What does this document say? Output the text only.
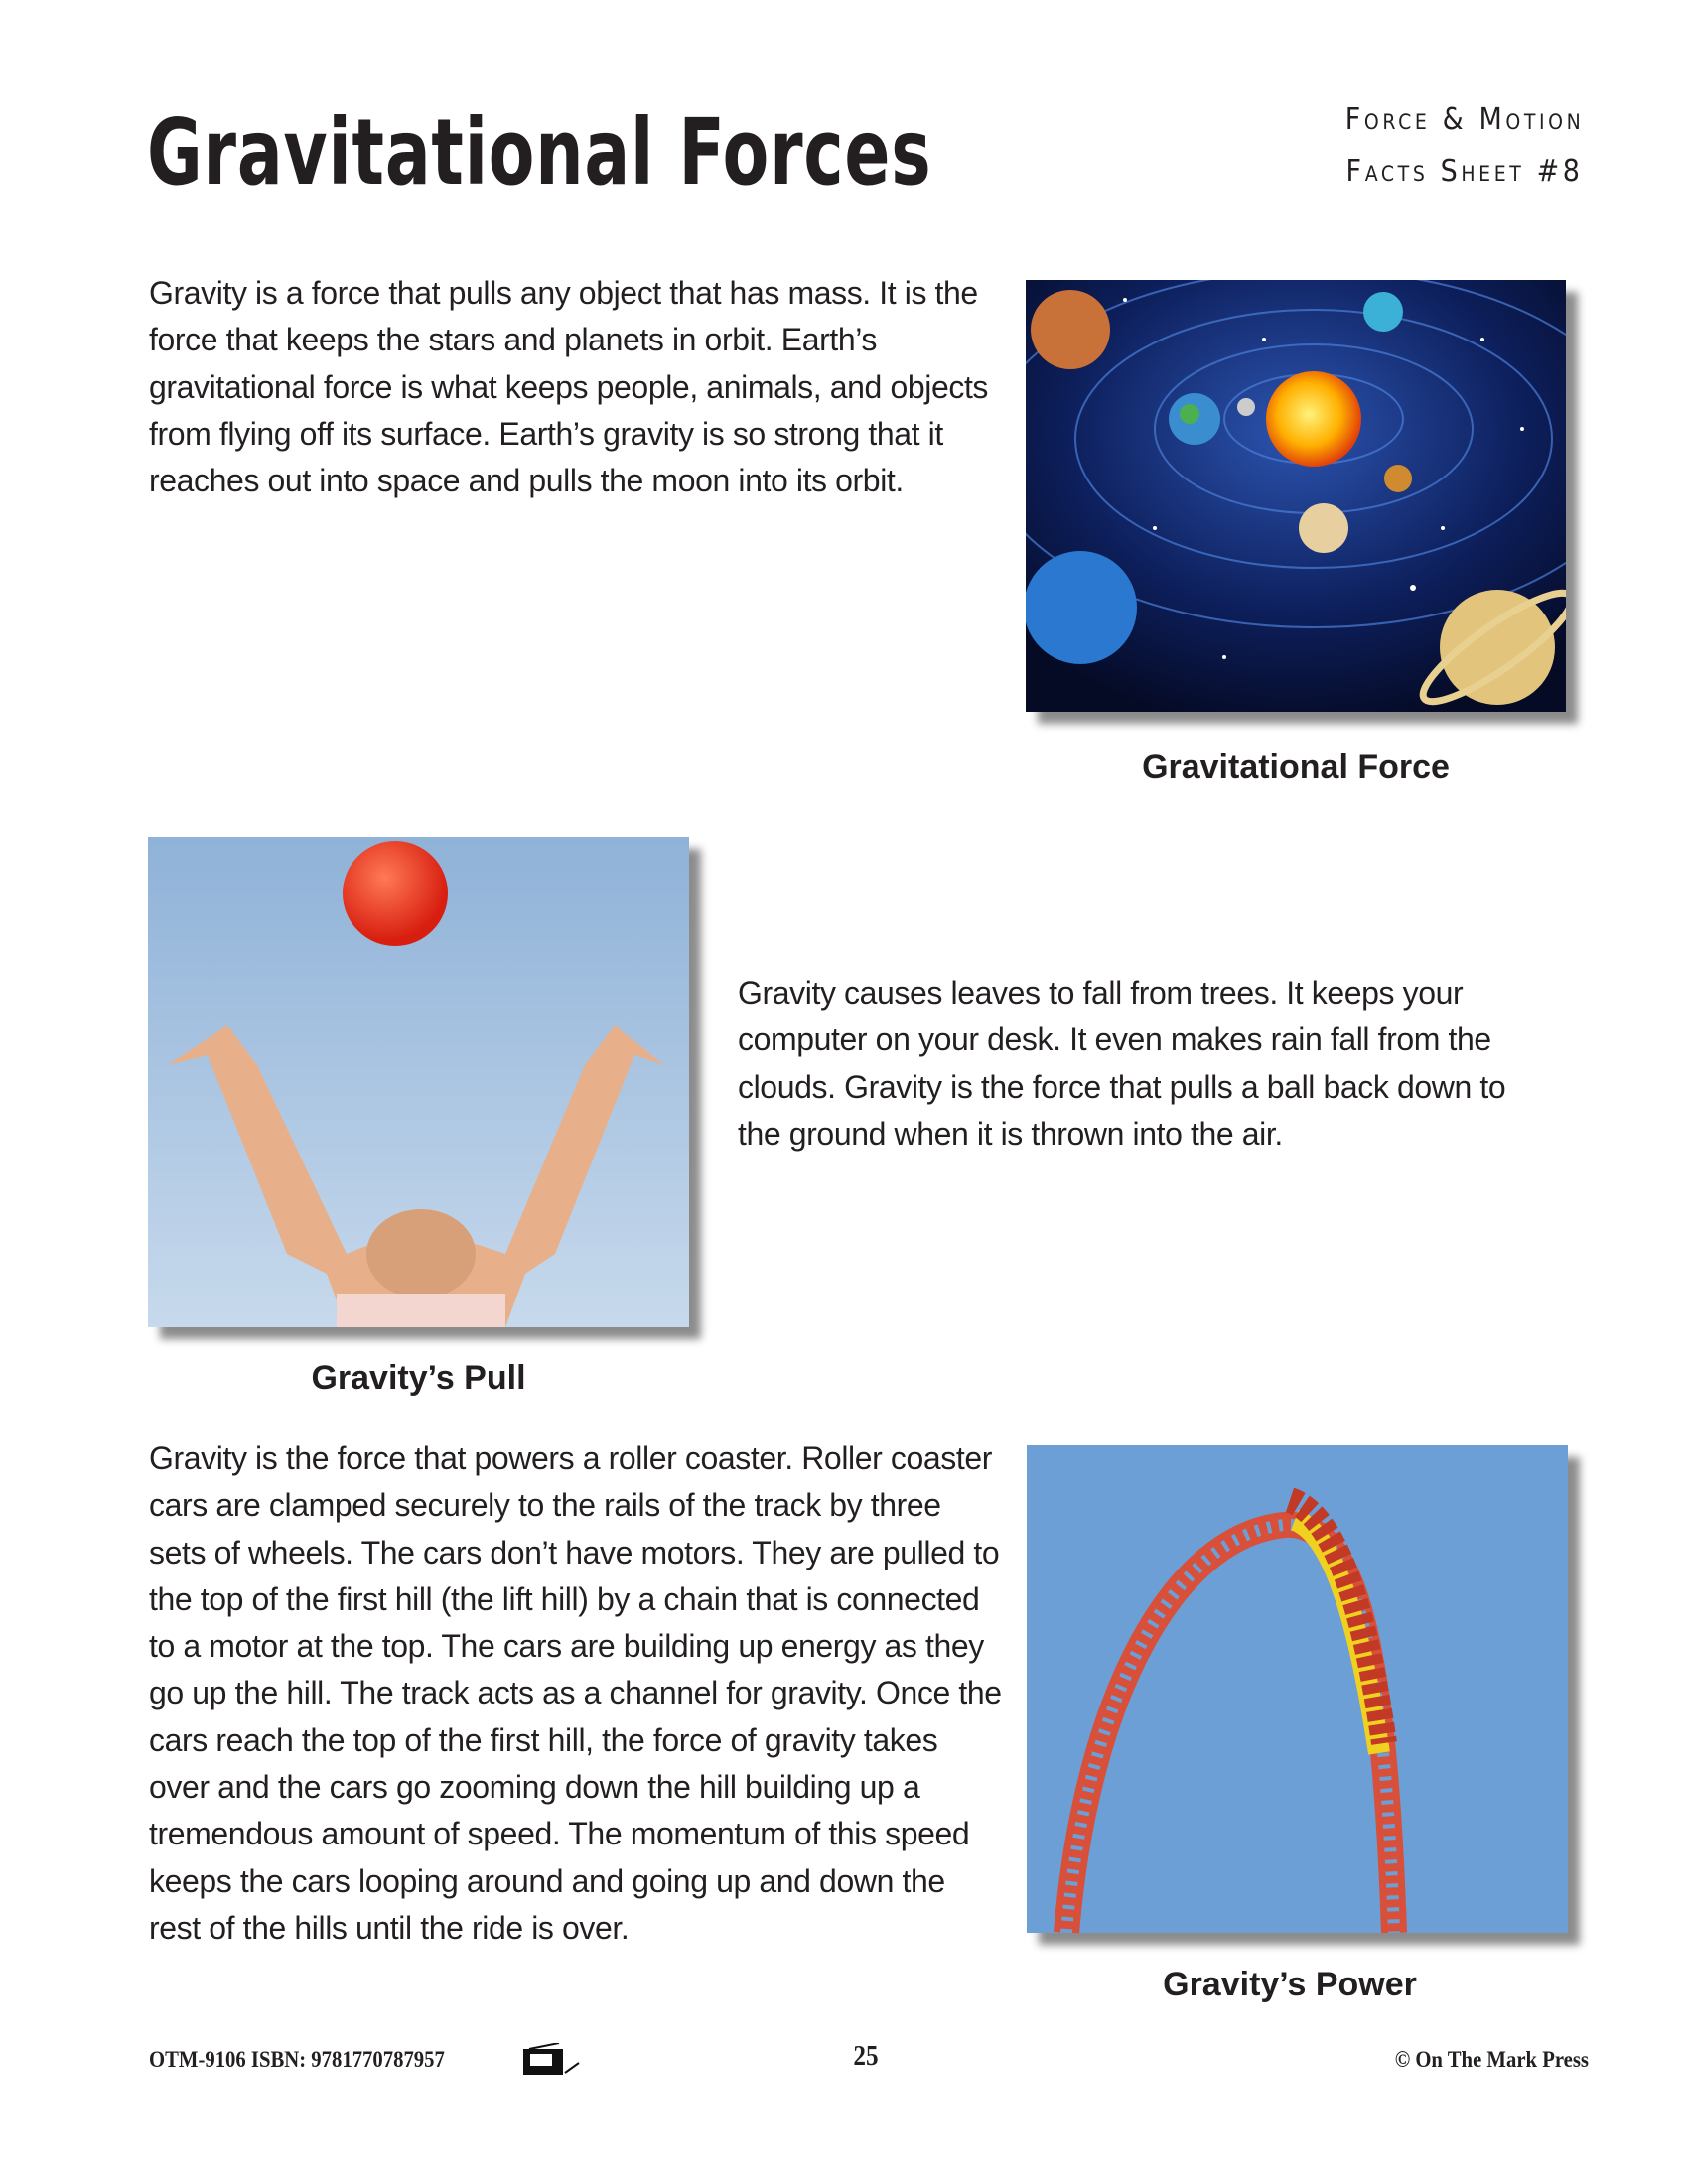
Gravitational Forces	Force & Motion
Facts Sheet #8
Gravity is a force that pulls any object that has mass. It is the force that keeps the stars and planets in orbit. Earth’s gravitational force is what keeps people, animals, and objects from flying off its surface. Earth’s gravity is so strong that it reaches out into space and pulls the moon into its orbit.
Gravitational Force
Gravity’s Pull
Gravity causes leaves to fall from trees. It keeps your computer on your desk. It even makes rain fall from the clouds. Gravity is the force that pulls a ball back down to the ground when it is thrown into the air.
Gravity is the force that powers a roller coaster. Roller coaster cars are clamped securely to the rails of the track by three sets of wheels. The cars don’t have motors. They are pulled to the top of the first hill (the lift hill) by a chain that is connected to a motor at the top. The cars are building up energy as they go up the hill. The track acts as a channel for gravity. Once the cars reach the top of the first hill, the force of gravity takes over and the cars go zooming down the hill building up a tremendous amount of speed. The momentum of this speed keeps the cars looping around and going up and down the rest of the hills until the ride is over.
Gravity’s Power
OTM-9106 ISBN: 9781770787957	25	© On The Mark Press
